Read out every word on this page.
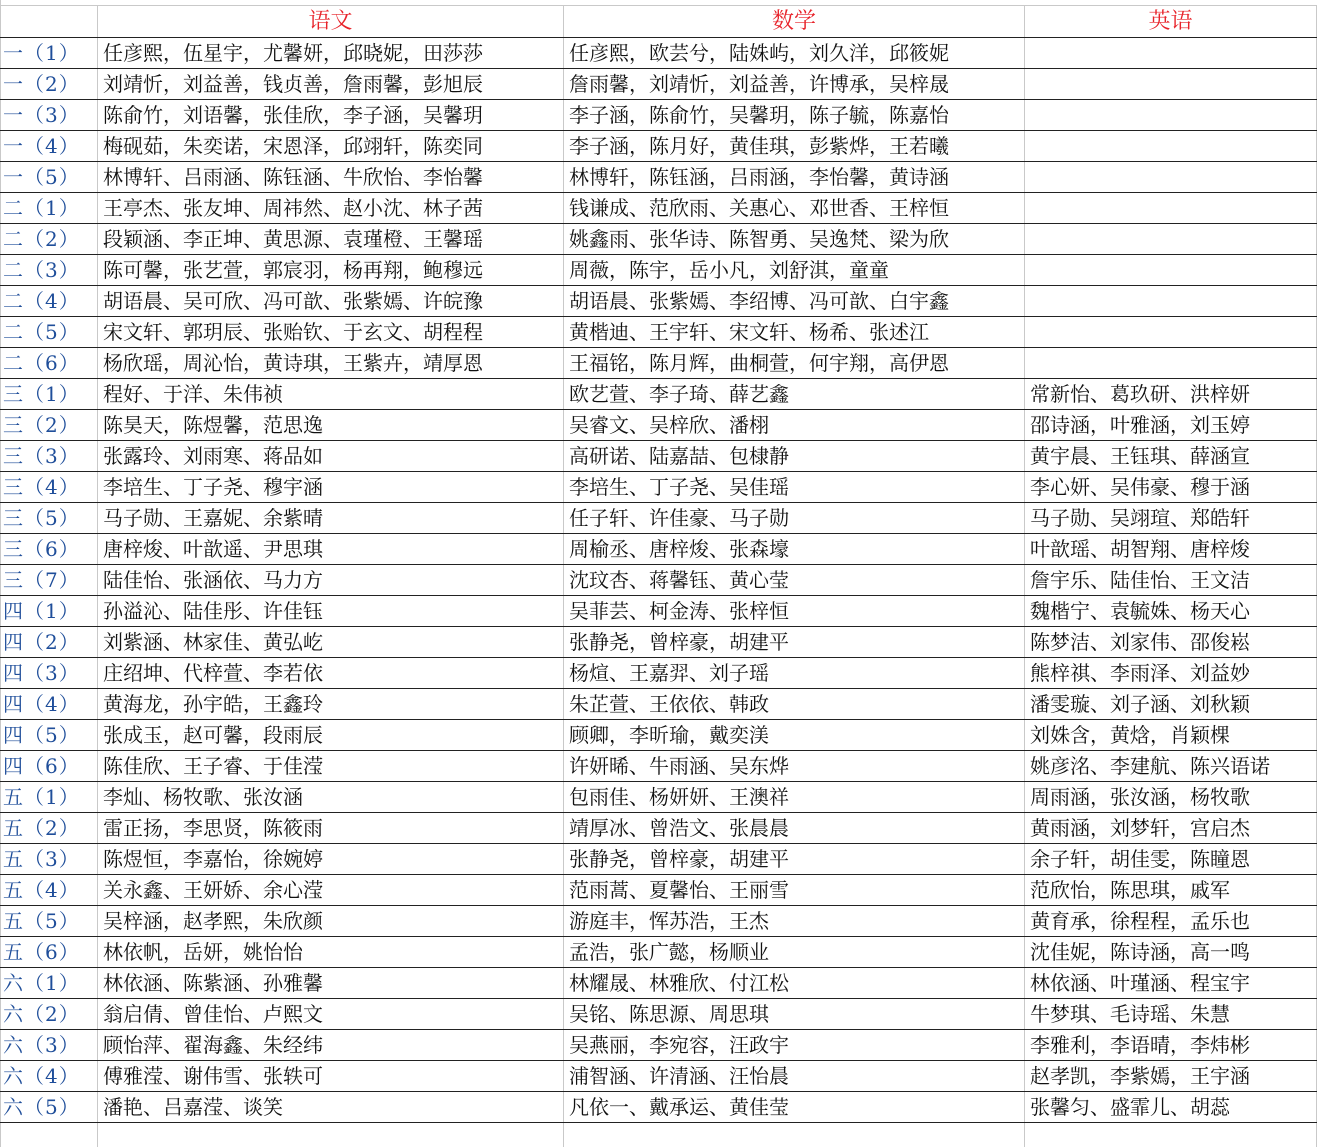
	语文	数学	英语
一（1）	任彦熙，伍星宇，尤馨妍，邱晓妮，田莎莎	任彦熙，欧芸兮，陆姝屿，刘久洋，邱筱妮	
一（2）	刘靖忻，刘益善，钱贞善，詹雨馨，彭旭辰	詹雨馨，刘靖忻，刘益善，许博承，吴梓晟	
一（3）	陈俞竹，刘语馨，张佳欣，李子涵，吴馨玥	李子涵，陈俞竹，吴馨玥，陈子毓，陈嘉怡	
一（4）	梅砚茹，朱奕诺，宋恩泽，邱翊轩，陈奕同	李子涵，陈月好，黄佳琪，彭紫烨，王若曦	
一（5）	林博轩、吕雨涵、陈钰涵、牛欣怡、李怡馨	林博轩，陈钰涵，吕雨涵，李怡馨，黄诗涵	
二（1）	王亭杰、张友坤、周祎然、赵小沈、林子茜	钱谦成、范欣雨、关惠心、邓世香、王梓恒	
二（2）	段颖涵、李正坤、黄思源、袁瑾橙、王馨瑶	姚鑫雨、张华诗、陈智勇、吴逸梵、梁为欣	
二（3）	陈可馨，张艺萱，郭宸羽，杨再翔，鲍穆远	周薇，陈宇，岳小凡，刘舒淇，童童	
二（4）	胡语晨、吴可欣、冯可歆、张紫嫣、许皖豫	胡语晨、张紫嫣、李绍博、冯可歆、白宇鑫	
二（5）	宋文轩、郭玥辰、张贻钦、于玄文、胡程程	黄楷迪、王宇轩、宋文轩、杨希、张述江	
二（6）	杨欣瑶，周沁怡，黄诗琪，王紫卉，靖厚恩	王福铭，陈月辉，曲桐萱，何宇翔，高伊恩	
三（1）	程好、于洋、朱伟祯	欧艺萱、李子琦、薛艺鑫	常新怡、葛玖研、洪梓妍
三（2）	陈昊天，陈煜馨，范思逸	吴睿文、吴梓欣、潘栩	邵诗涵，叶雅涵，刘玉婷
三（3）	张露玲、刘雨寒、蒋品如	高研诺、陆嘉喆、包棣静	黄宇晨、王钰琪、薛涵宣
三（4）	李培生、丁子尧、穆宇涵	李培生、丁子尧、吴佳瑶	李心妍、吴伟豪、穆于涵
三（5）	马子勋、王嘉妮、余紫晴	任子轩、许佳豪、马子勋	马子勋、吴翊瑄、郑皓轩
三（6）	唐梓焌、叶歆遥、尹思琪	周榆丞、唐梓焌、张森壕	叶歆瑶、胡智翔、唐梓焌
三（7）	陆佳怡、张涵依、马力方	沈玟杏、蒋馨钰、黄心莹	詹宇乐、陆佳怡、王文洁
四（1）	孙溢沁、陆佳彤、许佳钰	吴菲芸、柯金涛、张梓恒	魏楷宁、袁毓姝、杨天心
四（2）	刘紫涵、林家佳、黄弘屹	张静尧，曾梓豪，胡建平	陈梦洁、刘家伟、邵俊崧
四（3）	庄绍坤、代梓萱、李若依	杨煊、王嘉羿、刘子瑶	熊梓祺、李雨泽、刘益妙
四（4）	黄海龙，孙宇皓，王鑫玲	朱芷萱、王依依、韩政	潘雯璇、刘子涵、刘秋颖
四（5）	张成玉，赵可馨，段雨辰	顾卿，李昕瑜，戴奕渼	刘姝含，黄焓，肖颖棵
四（6）	陈佳欣、王子睿、于佳滢	许妍晞、牛雨涵、吴东烨	姚彦洺、李建航、陈兴语诺
五（1）	李灿、杨牧歌、张汝涵	包雨佳、杨妍妍、王澳祥	周雨涵，张汝涵，杨牧歌
五（2）	雷正扬，李思贤，陈筱雨	靖厚冰、曾浩文、张晨晨	黄雨涵，刘梦轩，宫启杰
五（3）	陈煜恒，李嘉怡，徐婉婷	张静尧，曾梓豪，胡建平	余子轩，胡佳雯，陈瞳恩
五（4）	关永鑫、王妍娇、余心滢	范雨蒿、夏馨怡、王丽雪	范欣怡，陈思琪，戚军
五（5）	吴梓涵，赵孝熙，朱欣颜	游庭丰，恽苏浩，王杰	黄育承，徐程程，孟乐也
五（6）	林依帆，岳妍，姚怡怡	孟浩，张广懿，杨顺业	沈佳妮，陈诗涵，高一鸣
六（1）	林依涵、陈紫涵、孙雅馨	林耀晟、林雅欣、付江松	林依涵、叶瑾涵、程宝宇
六（2）	翁启倩、曾佳怡、卢熙文	吴铭、陈思源、周思琪	牛梦琪、毛诗瑶、朱慧
六（3）	顾怡萍、翟海鑫、朱经纬	吴燕丽，李宛容，汪政宇	李雅利，李语晴，李炜彬
六（4）	傅雅滢、谢伟雪、张轶可	浦智涵、许清涵、汪怡晨	赵孝凯，李紫嫣，王宇涵
六（5）	潘艳、吕嘉滢、谈笑	凡依一、戴承运、黄佳莹	张馨匀、盛霏儿、胡蕊
